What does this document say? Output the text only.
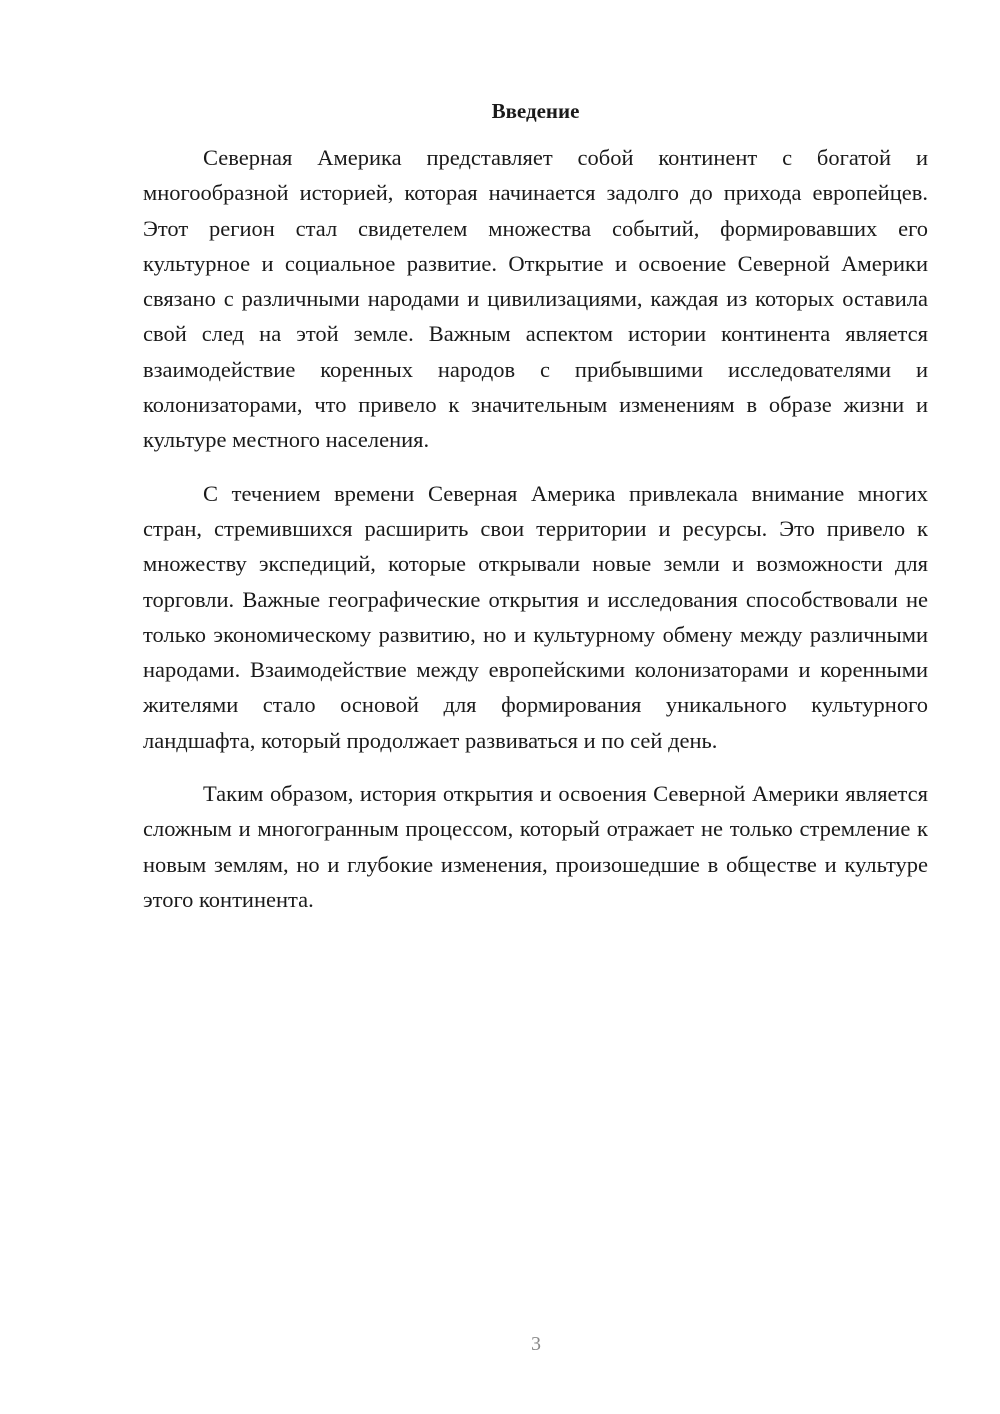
Введение

Северная Америка представляет собой континент с богатой и многообразной историей, которая начинается задолго до прихода европейцев. Этот регион стал свидетелем множества событий, формировавших его культурное и социальное развитие. Открытие и освоение Северной Америки связано с различными народами и цивилизациями, каждая из которых оставила свой след на этой земле. Важным аспектом истории континента является взаимодействие коренных народов с прибывшими исследователями и колонизаторами, что привело к значительным изменениям в образе жизни и культуре местного населения.

С течением времени Северная Америка привлекала внимание многих стран, стремившихся расширить свои территории и ресурсы. Это привело к множеству экспедиций, которые открывали новые земли и возможности для торговли. Важные географические открытия и исследования способствовали не только экономическому развитию, но и культурному обмену между различными народами. Взаимодействие между европейскими колонизаторами и коренными жителями стало основой для формирования уникального культурного ландшафта, который продолжает развиваться и по сей день.

Таким образом, история открытия и освоения Северной Америки является сложным и многогранным процессом, который отражает не только стремление к новым землям, но и глубокие изменения, произошедшие в обществе и культуре этого континента.

3
